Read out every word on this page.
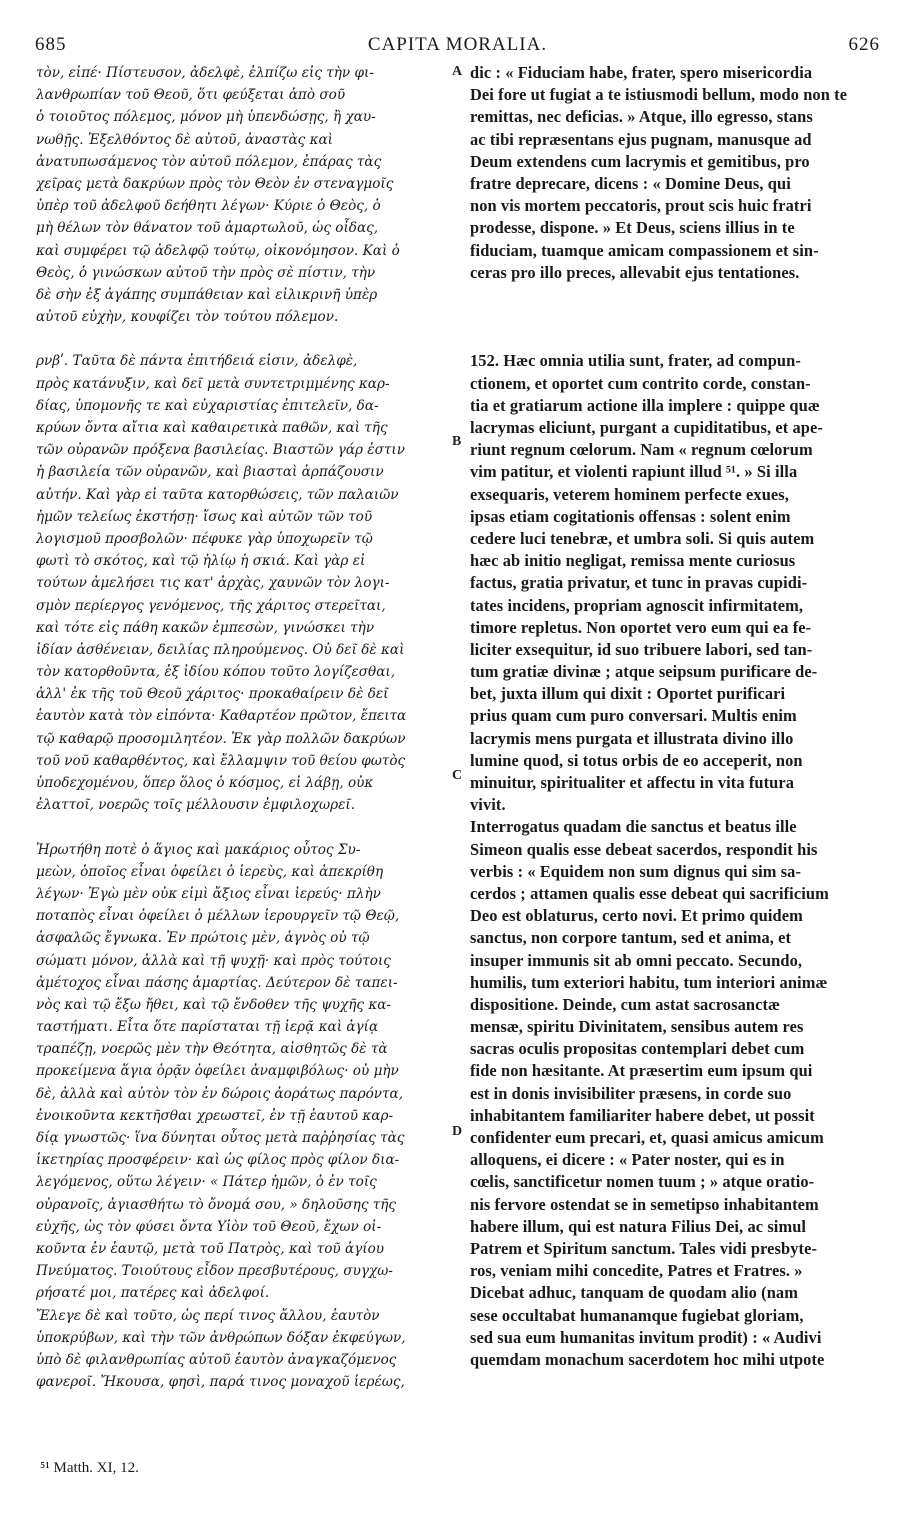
685	CAPITA MORALIA.	626
τὸν, εἰπέ· Πίστευσον, ἀδελφὲ, ἐλπίζω εἰς τὴν φι-
λανθρωπίαν τοῦ Θεοῦ, ὅτι φεύξεται ἀπὸ σοῦ
ὁ τοιοῦτος πόλεμος, μόνον μὴ ὑπενδώσῃς, ἢ χαυ-
νωθῇς. Ἐξελθόντος δὲ αὐτοῦ, ἀναστὰς καὶ
ἀνατυπωσάμενος τὸν αὐτοῦ πόλεμον, ἐπάρας τὰς
χεῖρας μετὰ δακρύων πρὸς τὸν Θεὸν ἐν στεναγμοῖς
ὑπὲρ τοῦ ἀδελφοῦ δεήθητι λέγων· Κύριε ὁ Θεὸς, ὁ
μὴ θέλων τὸν θάνατον τοῦ ἁμαρτωλοῦ, ὡς οἶδας,
καὶ συμφέρει τῷ ἀδελφῷ τούτῳ, οἰκονόμησον. Καὶ ὁ
Θεὸς, ὁ γινώσκων αὐτοῦ τὴν πρὸς σὲ πίστιν, τὴν
δὲ σὴν ἐξ ἀγάπης συμπάθειαν καὶ εἰλικρινῆ ὑπὲρ
αὐτοῦ εὐχὴν, κουφίζει τὸν τούτου πόλεμον.
ρνβʹ. Ταῦτα δὲ πάντα ἐπιτήδειά εἰσιν, ἀδελφὲ,
πρὸς κατάνυξιν, καὶ δεῖ μετὰ συντετριμμένης καρ-
δίας, ὑπομονῆς τε καὶ εὐχαριστίας ἐπιτελεῖν, δα-
κρύων ὄντα αἴτια καὶ καθαιρετικὰ παθῶν, καὶ τῆς
τῶν οὐρανῶν πρόξενα βασιλείας. Βιαστῶν γάρ ἐστιν
ἡ βασιλεία τῶν οὐρανῶν, καὶ βιασταὶ ἁρπάζουσιν
αὐτήν. Καὶ γὰρ εἰ ταῦτα κατορθώσεις, τῶν παλαιῶν
ἡμῶν τελείως ἐκστήσῃ· ἴσως καὶ αὐτῶν τῶν τοῦ
λογισμοῦ προσβολῶν· πέφυκε γὰρ ὑποχωρεῖν τῷ
φωτὶ τὸ σκότος, καὶ τῷ ἡλίῳ ἡ σκιά. Καὶ γὰρ εἰ
τούτων ἀμελήσει τις κατ' ἀρχὰς, χαυνῶν τὸν λογι-
σμὸν περίεργος γενόμενος, τῆς χάριτος στερεῖται,
καὶ τότε εἰς πάθη κακῶν ἐμπεσὼν, γινώσκει τὴν
ἰδίαν ἀσθένειαν, δειλίας πληρούμενος. Οὐ δεῖ δὲ καὶ
τὸν κατορθοῦντα, ἐξ ἰδίου κόπου τοῦτο λογίζεσθαι,
ἀλλ' ἐκ τῆς τοῦ Θεοῦ χάριτος· προκαθαίρειν δὲ δεῖ
ἑαυτὸν κατὰ τὸν εἰπόντα· Καθαρτέον πρῶτον, ἔπειτα
τῷ καθαρῷ προσομιλητέον. Ἐκ γὰρ πολλῶν δακρύων
τοῦ νοῦ καθαρθέντος, καὶ ἔλλαμψιν τοῦ θείου φωτὸς
ὑποδεχομένου, ὅπερ ὅλος ὁ κόσμος, εἰ λάβῃ, οὐκ
ἐλαττοῖ, νοερῶς τοῖς μέλλουσιν ἐμφιλοχωρεῖ.
Ἠρωτήθη ποτὲ ὁ ἅγιος καὶ μακάριος οὗτος Συ-
μεὼν, ὁποῖος εἶναι ὀφείλει ὁ ἱερεὺς, καὶ ἀπεκρίθη
λέγων· Ἐγὼ μὲν οὐκ εἰμὶ ἄξιος εἶναι ἱερεύς· πλὴν
ποταπὸς εἶναι ὀφείλει ὁ μέλλων ἱερουργεῖν τῷ Θεῷ,
ἀσφαλῶς ἔγνωκα. Ἐν πρώτοις μὲν, ἁγνὸς οὐ τῷ
σώματι μόνον, ἀλλὰ καὶ τῇ ψυχῇ· καὶ πρὸς τούτοις
ἀμέτοχος εἶναι πάσης ἁμαρτίας. Δεύτερον δὲ ταπει-
νὸς καὶ τῷ ἔξω ἤθει, καὶ τῷ ἔνδοθεν τῆς ψυχῆς κα-
ταστήματι. Εἶτα ὅτε παρίσταται τῇ ἱερᾷ καὶ ἁγίᾳ
τραπέζῃ, νοερῶς μὲν τὴν Θεότητα, αἰσθητῶς δὲ τὰ
προκείμενα ἅγια ὁρᾷν ὀφείλει ἀναμφιβόλως· οὐ μὴν
δὲ, ἀλλὰ καὶ αὐτὸν τὸν ἐν δώροις ἀοράτως παρόντα,
ἐνοικοῦντα κεκτῆσθαι χρεωστεῖ, ἐν τῇ ἑαυτοῦ καρ-
δίᾳ γνωστῶς· ἵνα δύνηται οὗτος μετὰ παῤῥησίας τὰς
ἱκετηρίας προσφέρειν· καὶ ὡς φίλος πρὸς φίλον δια-
λεγόμενος, οὕτω λέγειν· « Πάτερ ἡμῶν, ὁ ἐν τοῖς
οὐρανοῖς, ἁγιασθήτω τὸ ὄνομά σου, » δηλοῦσης τῆς
εὐχῆς, ὡς τὸν φύσει ὄντα Υἱὸν τοῦ Θεοῦ, ἔχων οἰ-
κοῦντα ἐν ἑαυτῷ, μετὰ τοῦ Πατρὸς, καὶ τοῦ ἁγίου
Πνεύματος. Τοιούτους εἶδον πρεσβυτέρους, συγχω-
ρήσατέ μοι, πατέρες καὶ ἀδελφοί.
Ἔλεγε δὲ καὶ τοῦτο, ὡς περί τινος ἄλλου, ἑαυτὸν
ὑποκρύβων, καὶ τὴν τῶν ἀνθρώπων δόξαν ἐκφεύγων,
ὑπὸ δὲ φιλανθρωπίας αὐτοῦ ἑαυτὸν ἀναγκαζόμενος
φανεροῖ. Ἤκουσα, φησὶ, παρά τινος μοναχοῦ ἱερέως,
dic : « Fiduciam habe, frater, spero misericordia
Dei fore ut fugiat a te istiusmodi bellum, modo non te
remittas, nec deficias. » Atque, illo egresso, stans
ac tibi repræsentans ejus pugnam, manusque ad
Deum extendens cum lacrymis et gemitibus, pro
fratre deprecare, dicens : « Domine Deus, qui
non vis mortem peccatoris, prout scis huic fratri
prodesse, dispone. » Et Deus, sciens illius in te
fiduciam, tuamque amicam compassionem et sin-
ceras pro illo preces, allevabit ejus tentationes.
152. Hæc omnia utilia sunt, frater, ad compun-
ctionem, et oportet cum contrito corde, constan-
tia et gratiarum actione illa implere : quippe quæ
lacrymas eliciunt, purgant a cupiditatibus, et ape-
riunt regnum cœlorum. Nam « regnum cœlorum
vim patitur, et violenti rapiunt illud ⁵¹. » Si illa
exsequaris, veterem hominem perfecte exues,
ipsas etiam cogitationis offensas : solent enim
cedere luci tenebræ, et umbra soli. Si quis autem
hæc ab initio negligat, remissa mente curiosus
factus, gratia privatur, et tunc in pravas cupidi-
tates incidens, propriam agnoscit infirmitatem,
timore repletus. Non oportet vero eum qui ea fe-
liciter exsequitur, id suo tribuere labori, sed tan-
tum gratiæ divinæ ; atque seipsum purificare de-
bet, juxta illum qui dixit : Oportet purificari
prius quam cum puro conversari. Multis enim
lacrymis mens purgata et illustrata divino illo
lumine quod, si totus orbis de eo acceperit, non
minuitur, spiritualiter et affectu in vita futura
vivit.
Interrogatus quadam die sanctus et beatus ille
Simeon qualis esse debeat sacerdos, respondit his
verbis : « Equidem non sum dignus qui sim sa-
cerdos ; attamen qualis esse debeat qui sacrificium
Deo est oblaturus, certo novi. Et primo quidem
sanctus, non corpore tantum, sed et anima, et
insuper immunis sit ab omni peccato. Secundo,
humilis, tum exteriori habitu, tum interiori animæ
dispositione. Deinde, cum astat sacrosanctæ
mensæ, spiritu Divinitatem, sensibus autem res
sacras oculis propositas contemplari debet cum
fide non hæsitante. At præsertim eum ipsum qui
est in donis invisibiliter præsens, in corde suo
inhabitantem familiariter habere debet, ut possit
confidenter eum precari, et, quasi amicus amicum
alloquens, ei dicere : « Pater noster, qui es in
cœlis, sanctificetur nomen tuum ; » atque oratio-
nis fervore ostendat se in semetipso inhabitantem
habere illum, qui est natura Filius Dei, ac simul
Patrem et Spiritum sanctum. Tales vidi presbyte-
ros, veniam mihi concedite, Patres et Fratres. »
Dicebat adhuc, tanquam de quodam alio (nam
sese occultabat humanamque fugiebat gloriam,
sed sua eum humanitas invitum prodit) : « Audivi
quemdam monachum sacerdotem hoc mihi utpote
A
B
C
D
⁵¹ Matth. XI, 12.
